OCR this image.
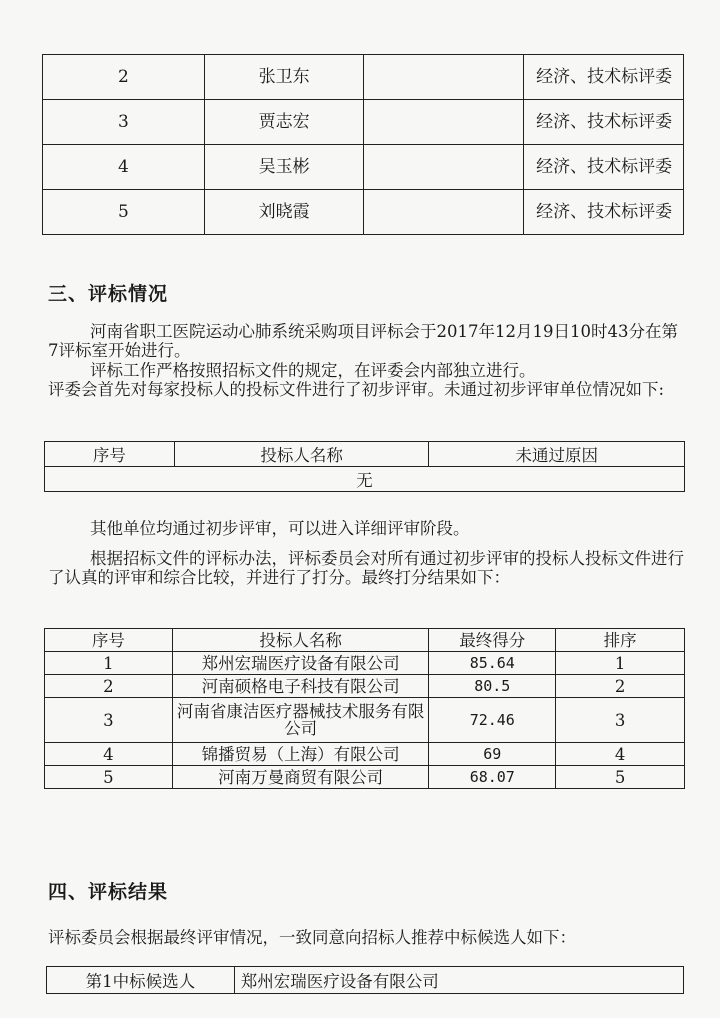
2	张卫东		经济、技术标评委
3	贾志宏		经济、技术标评委
4	吴玉彬		经济、技术标评委
5	刘晓霞		经济、技术标评委
三、评标情况
河南省职工医院运动心肺系统采购项目评标会于2017年12月19日10时43分在第7评标室开始进行。
评标工作严格按照招标文件的规定，在评委会内部独立进行。
评委会首先对每家投标人的投标文件进行了初步评审。未通过初步评审单位情况如下:
序号	投标人名称	未通过原因
无
其他单位均通过初步评审，可以进入详细评审阶段。
根据招标文件的评标办法，评标委员会对所有通过初步评审的投标人投标文件进行了认真的评审和综合比较，并进行了打分。最终打分结果如下：
序号	投标人名称	最终得分	排序
1	郑州宏瑞医疗设备有限公司	85.64	1
2	河南硕格电子科技有限公司	80.5	2
3	河南省康洁医疗器械技术服务有限公司	72.46	3
4	锦播贸易（上海）有限公司	69	4
5	河南万曼商贸有限公司	68.07	5
四、评标结果
评标委员会根据最终评审情况，一致同意向招标人推荐中标候选人如下：
第1中标候选人	郑州宏瑞医疗设备有限公司
